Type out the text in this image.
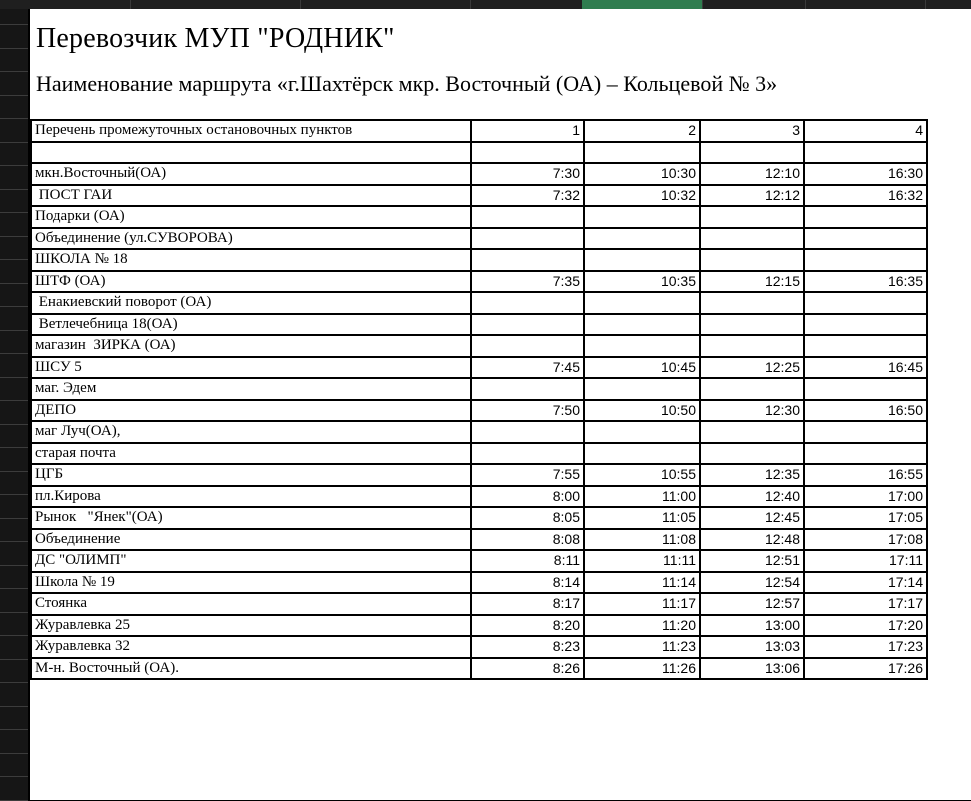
Перевозчик МУП "РОДНИК"
Наименование маршрута «г.Шахтёрск мкр. Восточный (ОА) – Кольцевой № 3»
Перечень промежуточных остановочных пунктов	1	2	3	4

мкн.Восточный(ОА)	7:30	10:30	12:10	16:30
ПОСТ ГАИ	7:32	10:32	12:12	16:32
Подарки (ОА)				
Объединение (ул.СУВОРОВА)				
ШКОЛА № 18				
ШТФ (ОА)	7:35	10:35	12:15	16:35
Енакиевский поворот (ОА)				
Ветлечебница 18(ОА)				
магазин  ЗИРКА (ОА)				
ШСУ 5	7:45	10:45	12:25	16:45
маг. Эдем				
ДЕПО	7:50	10:50	12:30	16:50
маг Луч(ОА),				
старая почта				
ЦГБ	7:55	10:55	12:35	16:55
пл.Кирова	8:00	11:00	12:40	17:00
Рынок   "Янек"(ОА)	8:05	11:05	12:45	17:05
Объединение	8:08	11:08	12:48	17:08
ДС "ОЛИМП"	8:11	11:11	12:51	17:11
Школа № 19	8:14	11:14	12:54	17:14
Стоянка	8:17	11:17	12:57	17:17
Журавлевка 25	8:20	11:20	13:00	17:20
Журавлевка 32	8:23	11:23	13:03	17:23
М-н. Восточный (ОА).	8:26	11:26	13:06	17:26
